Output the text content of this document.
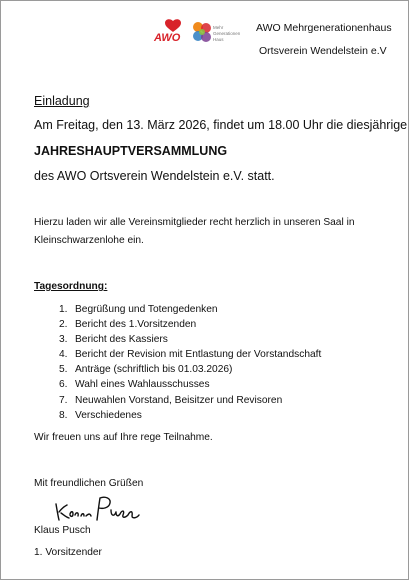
AWO
Mehr
Generationen
Haus
AWO Mehrgenerationenhaus
Ortsverein Wendelstein e.V
Einladung
Am Freitag, den 13. März 2026, findet um 18.00 Uhr die diesjährige
JAHRESHAUPTVERSAMMLUNG
des AWO Ortsverein Wendelstein e.V. statt.
Hierzu laden wir alle Vereinsmitglieder recht herzlich in unseren Saal in
Kleinschwarzenlohe ein.
Tagesordnung:
1. Begrüßung und Totengedenken
2. Bericht des 1.Vorsitzenden
3. Bericht des Kassiers
4. Bericht der Revision mit Entlastung der Vorstandschaft
5. Anträge (schriftlich bis 01.03.2026)
6. Wahl eines Wahlausschusses
7. Neuwahlen Vorstand, Beisitzer und Revisoren
8. Verschiedenes
Wir freuen uns auf Ihre rege Teilnahme.
Mit freundlichen Grüßen
Klaus Pusch
1. Vorsitzender
